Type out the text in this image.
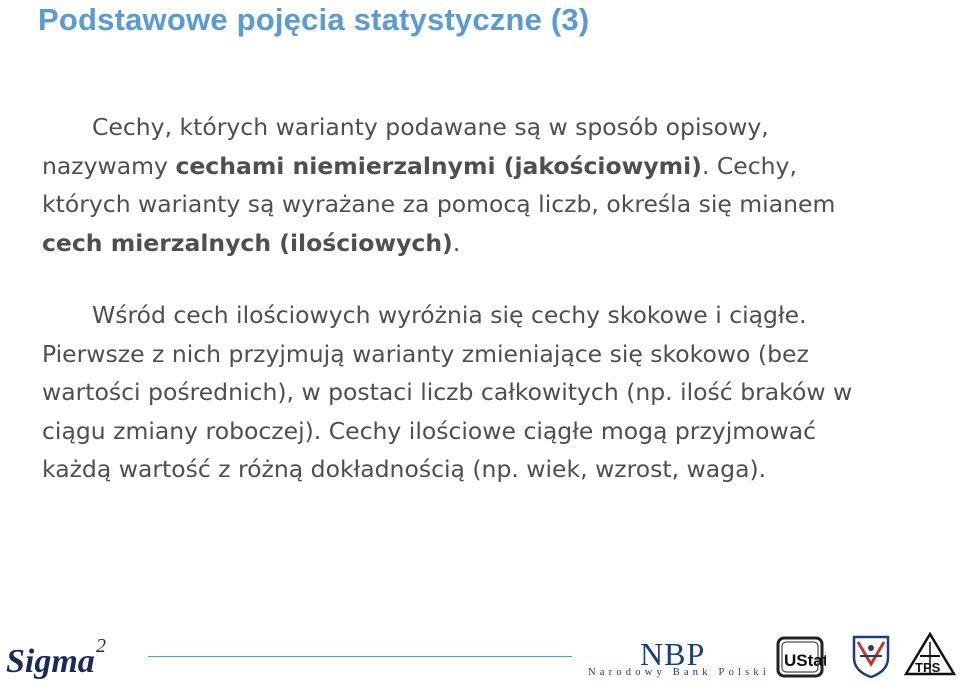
Podstawowe pojęcia statystyczne (3)

Cechy, których warianty podawane są w sposób opisowy,

nazywamy cechami niemierzalnymi (jakościowymi). Cechy,

których warianty są wyrażane za pomocą liczb, określa się mianem

cech mierzalnych (ilościowych).

Wśród cech ilościowych wyróżnia się cechy skokowe i ciągłe.

Pierwsze z nich przyjmują warianty zmieniające się skokowo (bez

wartości pośrednich), w postaci liczb całkowitych (np. ilość braków w

ciągu zmiany roboczej). Cechy ilościowe ciągłe mogą przyjmować

każdą wartość z różną dokładnością (np. wiek, wzrost, waga).

Sigma 2	NBP
Narodowy Bank Polski
UStat	TPS
